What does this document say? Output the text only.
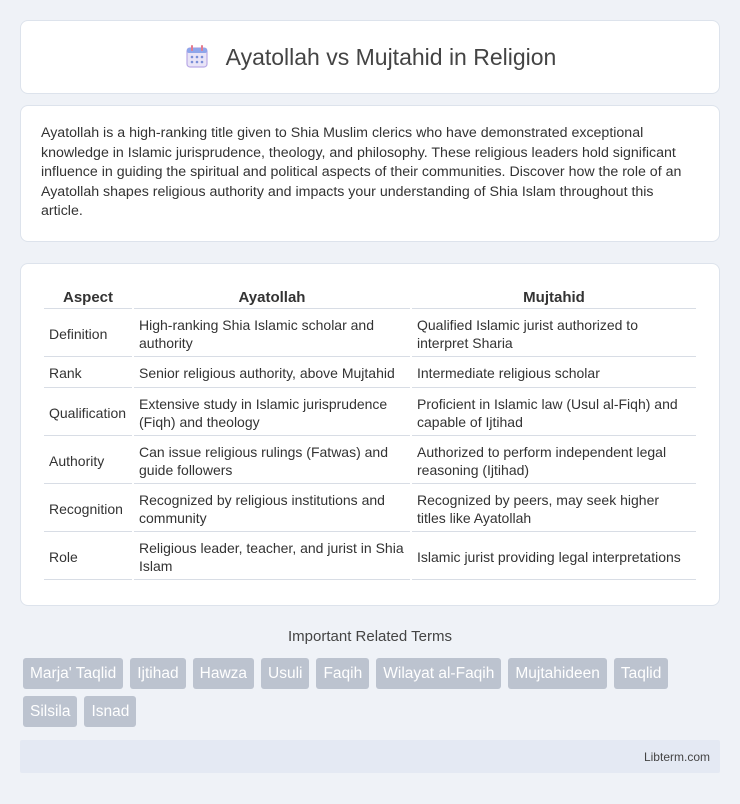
Ayatollah vs Mujtahid in Religion

Ayatollah is a high-ranking title given to Shia Muslim clerics who have demonstrated exceptional knowledge in Islamic jurisprudence, theology, and philosophy. These religious leaders hold significant influence in guiding the spiritual and political aspects of their communities. Discover how the role of an Ayatollah shapes religious authority and impacts your understanding of Shia Islam throughout this article.

Aspect	Ayatollah	Mujtahid
Definition	High-ranking Shia Islamic scholar and authority	Qualified Islamic jurist authorized to interpret Sharia
Rank	Senior religious authority, above Mujtahid	Intermediate religious scholar
Qualification	Extensive study in Islamic jurisprudence (Fiqh) and theology	Proficient in Islamic law (Usul al-Fiqh) and capable of Ijtihad
Authority	Can issue religious rulings (Fatwas) and guide followers	Authorized to perform independent legal reasoning (Ijtihad)
Recognition	Recognized by religious institutions and community	Recognized by peers, may seek higher titles like Ayatollah
Role	Religious leader, teacher, and jurist in Shia Islam	Islamic jurist providing legal interpretations
Important Related Terms
Marja' Taqlid	Ijtihad	Hawza	Usuli	Faqih	Wilayat al-Faqih	Mujtahideen	Taqlid
Silsila	Isnad
Libterm.com
